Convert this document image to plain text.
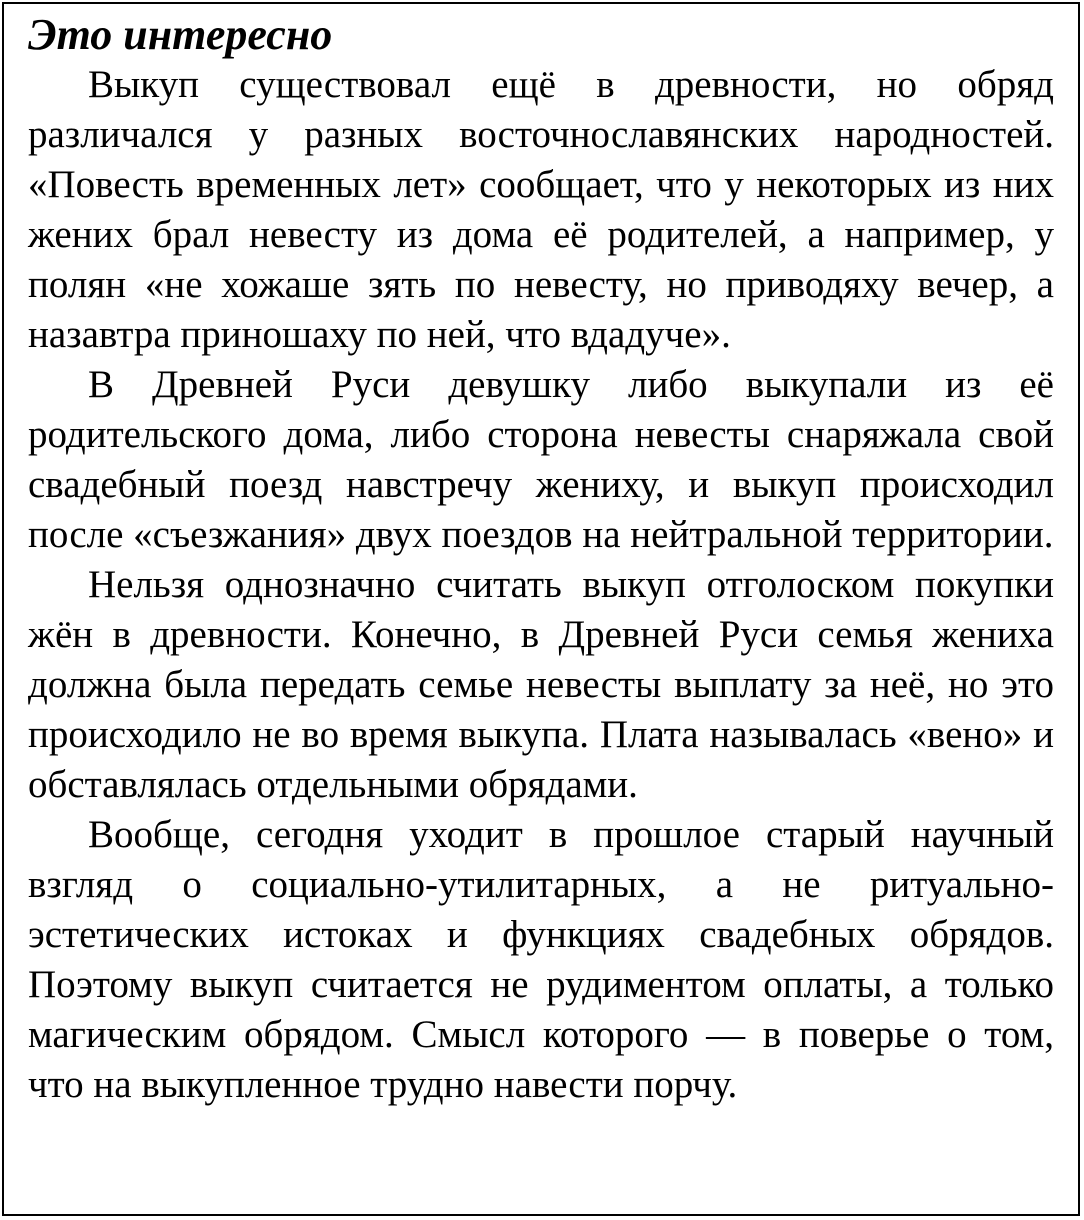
Это интересно

Выкуп существовал ещё в древности, но обряд различался у разных восточнославянских народностей. «Повесть временных лет» сообщает, что у некоторых из них жених брал невесту из дома её родителей, а например, у полян «не хожаше зять по невесту, но приводяху вечер, а назавтра приношаху по ней, что вдадуче».

В Древней Руси девушку либо выкупали из её родительского дома, либо сторона невесты снаряжала свой свадебный поезд навстречу жениху, и выкуп происходил после «съезжания» двух поездов на нейтральной территории.

Нельзя однозначно считать выкуп отголоском покупки жён в древности. Конечно, в Древней Руси семья жениха должна была передать семье невесты выплату за неё, но это происходило не во время выкупа. Плата называлась «вено» и обставлялась отдельными обрядами.

Вообще, сегодня уходит в прошлое старый научный взгляд о социально-утилитарных, а не ритуально-эстетических истоках и функциях свадебных обрядов. Поэтому выкуп считается не рудиментом оплаты, а только магическим обрядом. Смысл которого — в поверье о том, что на выкупленное трудно навести порчу.
